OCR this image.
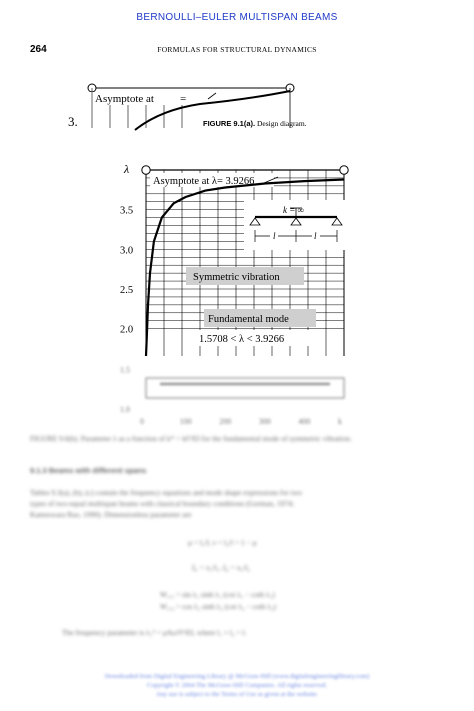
BERNOULLI–EULER MULTISPAN BEAMS
264	FORMULAS FOR STRUCTURAL DYNAMICS
Asymptote at =
3.	FIGURE 9.1(a). Design diagram.
3.5
3.0
2.5
2.0
1.5
1.0
λ
Asymptote at λ= 3.9266
k = ∞
l	l
Symmetric vibration
Fundamental mode
1.5708 < λ < 3.9266
0	100	200	300	400	k
FIGURE 9.6(b). Parameter λ as a function of k* = kl³/EI for the fundamental mode of symmetric vibration.
9.1.3 Beams with different spans
Tables 9.3(a), (b), (c) contain the frequency equations and mode shape expressions for two
types of two-equal multispan beams with classical boundary conditions (Gorman, 1974;
Kameswara Rao, 1990). Dimensionless parameter are
μ = l₁/l, ν = l₂/l = 1 − μ
ξ₁ = x₁/l₁, ξ₂ = x₂/l₂
W₁,₁ = sin λ₁ sinh λ₁ (cot λ₁ − coth λ₁)
W₁,₂ = cos λ₂ sinh λ₂ (cot λ₂ − coth λ₂)
The frequency parameter is λ₁⁴ = ρAω²l⁴/EI, where l₁ + l₂ = l.
Downloaded from Digital Engineering Library @ McGraw-Hill (www.digitalengineeringlibrary.com)
Copyright © 2004 The McGraw-Hill Companies. All rights reserved.
Any use is subject to the Terms of Use as given at the website.
